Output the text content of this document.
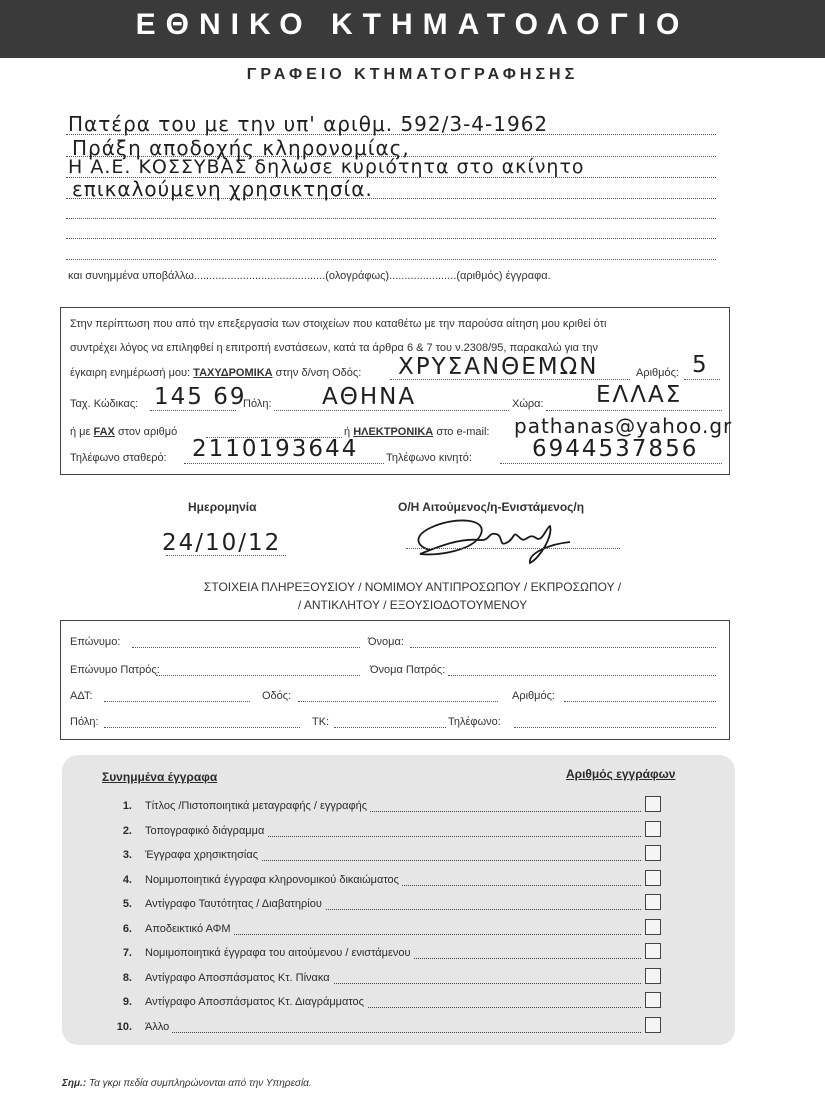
ΕΘΝΙΚΟ ΚΤΗΜΑΤΟΛΟΓΙΟ
ΓΡΑΦΕΙΟ ΚΤΗΜΑΤΟΓΡΑΦΗΣΗΣ
Πατέρα του με την υπ' αριθμ. 592/3-4-1962
Πράξη αποδοχής κληρονομίας,
Η Α.Ε. ΚΟΣΣΥΒΑΣ δηλωσε κυριότητα στο ακίνητο
επικαλούμενη χρησικτησία.
και συνημμένα υποβάλλω...........................................(ολογράφως)......................(αριθμός) έγγραφα.
Στην περίπτωση που από την επεξεργασία των στοιχείων που καταθέτω με την παρούσα αίτηση μου κριθεί ότι
συντρέχει λόγος να επιληφθεί η επιτροπή ενστάσεων, κατά τα άρθρα 6 & 7 του ν.2308/95, παρακαλώ για την
έγκαιρη ενημέρωσή μου: ΤΑΧΥΔΡΟΜΙΚΑ στην δ/νση Οδός: ΧΡΥΣΑΝΘΕΜΩΝ	Αριθμός: 5
Ταχ. Κώδικας: 145 69
Πόλη: ΑΘΗΝΑ	Χώρα: ΕΛΛΑΣ
ή με FAX στον αριθμό	ή ΗΛΕΚΤΡΟΝΙΚΑ στο e-mail: pathanas@yahoo.gr
Τηλέφωνο σταθερό: 2110193644	Τηλέφωνο κινητό:	6944537856
Ημερομηνία
24/10/12
Ο/Η Αιτούμενος/η-Ενιστάμενος/η
ΣΤΟΙΧΕΙΑ ΠΛΗΡΕΞΟΥΣΙΟΥ / ΝΟΜΙΜΟΥ ΑΝΤΙΠΡΟΣΩΠΟΥ / ΕΚΠΡΟΣΩΠΟΥ /
/ ΑΝΤΙΚΛΗΤΟΥ / ΕΞΟΥΣΙΟΔΟΤΟΥΜΕΝΟΥ
Επώνυμο:	Όνομα:
Επώνυμο Πατρός:	Όνομα Πατρός:
ΑΔΤ:	Οδός:	Αριθμός:
Πόλη:	ΤΚ:	Τηλέφωνο:
Συνημμένα έγγραφα	Αριθμός εγγράφων
1. Τίτλος /Πιστοποιητικά μεταγραφής / εγγραφής
2. Τοπογραφικό διάγραμμα
3. Έγγραφα χρησικτησίας
4. Νομιμοποιητικά έγγραφα κληρονομικού δικαιώματος
5. Αντίγραφο Ταυτότητας / Διαβατηρίου
6. Αποδεικτικό ΑΦΜ
7. Νομιμοποιητικά έγγραφα του αιτούμενου / ενιστάμενου
8. Αντίγραφο Αποσπάσματος Κτ. Πίνακα
9. Αντίγραφο Αποσπάσματος Κτ. Διαγράμματος
10. Άλλο
Σημ.: Τα γκρι πεδία συμπληρώνονται από την Υπηρεσία.
